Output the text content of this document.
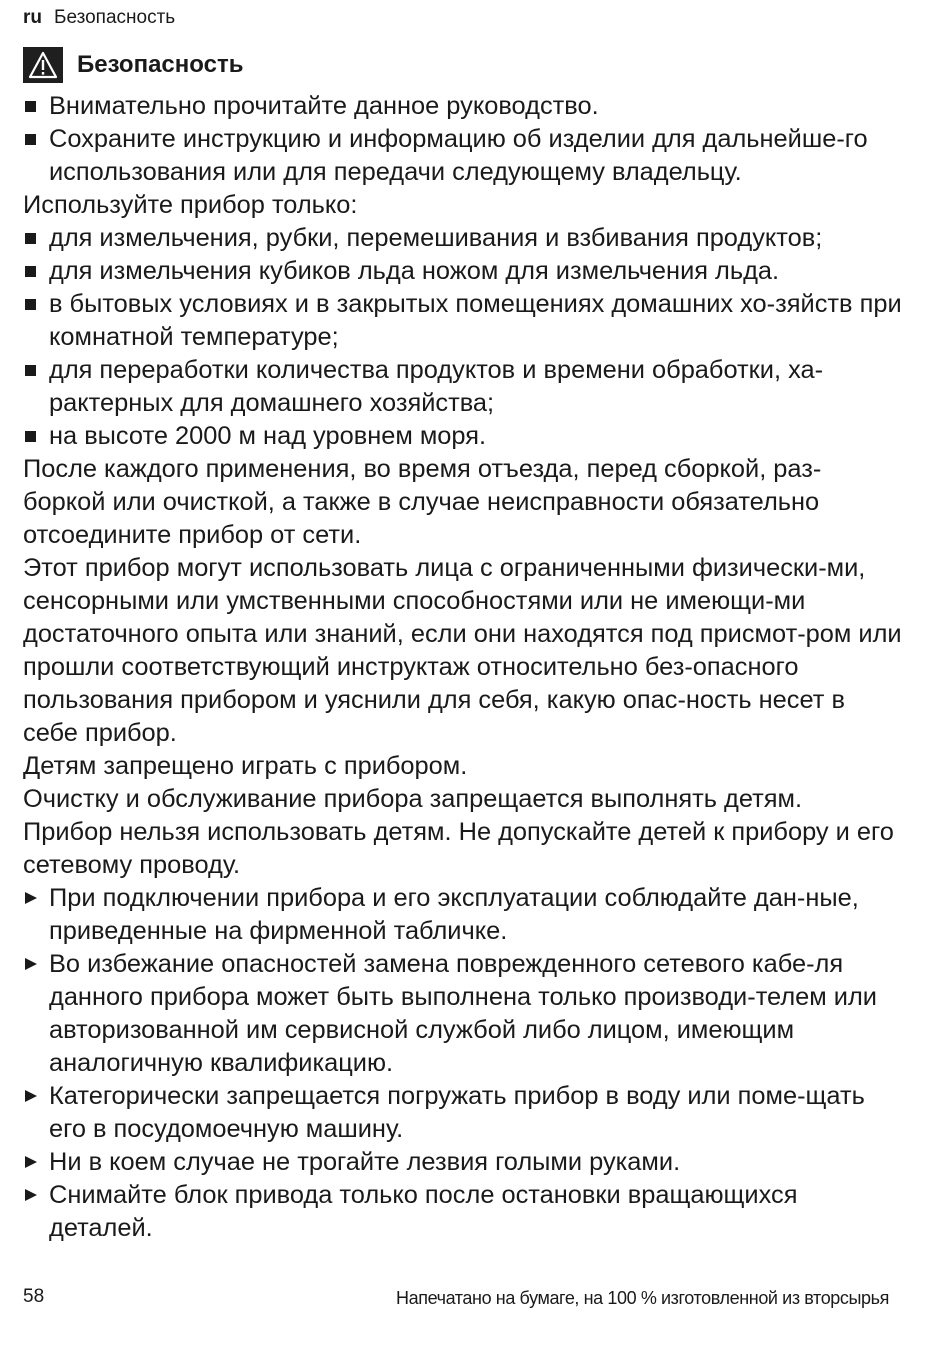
ru Безопасность
Безопасность
Внимательно прочитайте данное руководство.
Сохраните инструкцию и информацию об изделии для дальнейше-го использования или для передачи следующему владельцу.

Используйте прибор только:

для измельчения, рубки, перемешивания и взбивания продуктов;
для измельчения кубиков льда ножом для измельчения льда.
в бытовых условиях и в закрытых помещениях домашних хо-зяйств при комнатной температуре;
для переработки количества продуктов и времени обработки, ха-рактерных для домашнего хозяйства;
на высоте 2000 м над уровнем моря.

После каждого применения, во время отъезда, перед сборкой, раз-боркой или очисткой, а также в случае неисправности обязательно отсоедините прибор от сети.

Этот прибор могут использовать лица с ограниченными физически-ми, сенсорными или умственными способностями или не имеющи-ми достаточного опыта или знаний, если они находятся под присмот-ром или прошли соответствующий инструктаж относительно без-опасного пользования прибором и уяснили для себя, какую опас-ность несет в себе прибор.

Детям запрещено играть с прибором.

Очистку и обслуживание прибора запрещается выполнять детям.

Прибор нельзя использовать детям. Не допускайте детей к прибору и его сетевому проводу.

При подключении прибора и его эксплуатации соблюдайте дан-ные, приведенные на фирменной табличке.
Во избежание опасностей замена поврежденного сетевого кабе-ля данного прибора может быть выполнена только производи-телем или авторизованной им сервисной службой либо лицом, имеющим аналогичную квалификацию.
Категорически запрещается погружать прибор в воду или поме-щать его в посудомоечную машину.
Ни в коем случае не трогайте лезвия голыми руками.
Снимайте блок привода только после остановки вращающихся деталей.
58	Напечатано на бумаге, на 100 % изготовленной из вторсырья
